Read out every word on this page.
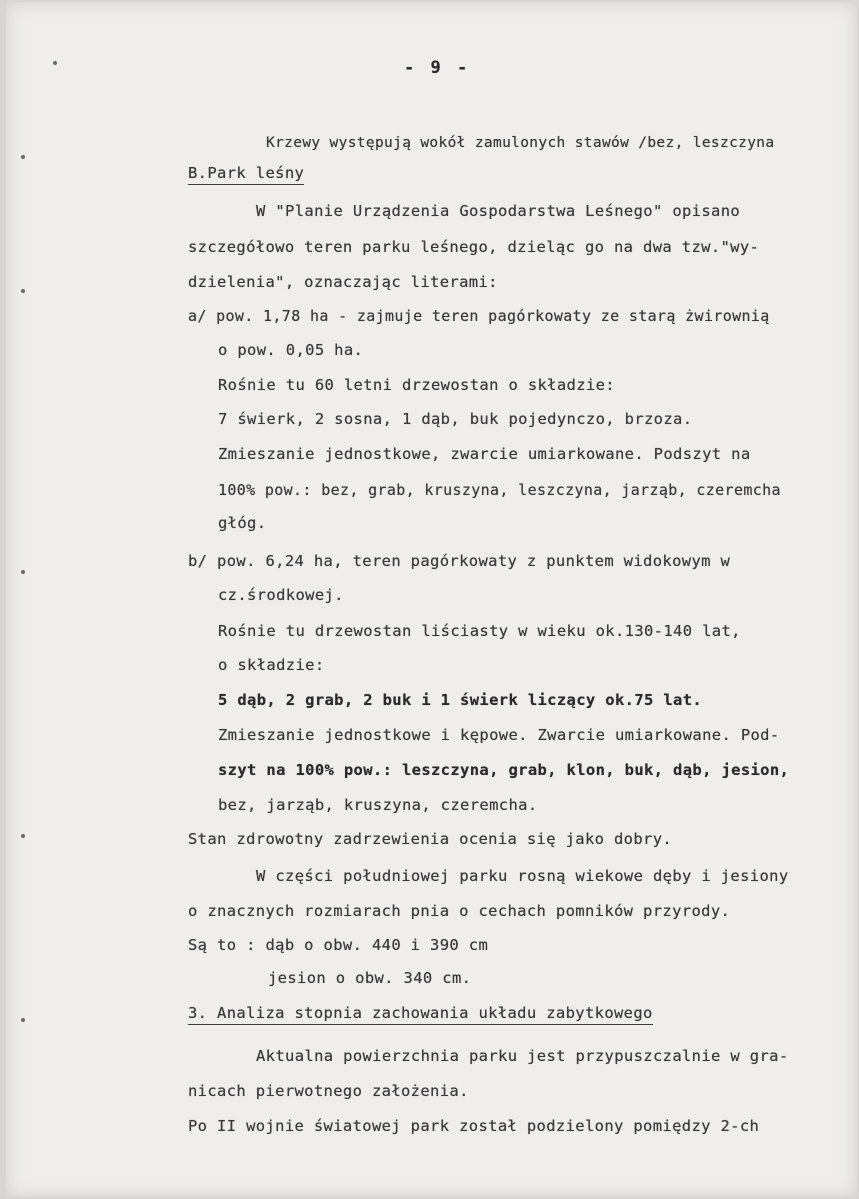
- 9 -
Krzewy występują wokół zamulonych stawów /bez, leszczyna
B.Park leśny
W "Planie Urządzenia Gospodarstwa Leśnego" opisano
szczegółowo teren parku leśnego, dzieląc go na dwa tzw."wy-
dzielenia", oznaczając literami:
a/ pow. 1,78 ha - zajmuje teren pagórkowaty ze starą żwirownią
o pow. 0,05 ha.
Rośnie tu 60 letni drzewostan o składzie:
7 świerk, 2 sosna, 1 dąb, buk pojedynczo, brzoza.
Zmieszanie jednostkowe, zwarcie umiarkowane. Podszyt na
100% pow.: bez, grab, kruszyna, leszczyna, jarząb, czeremcha
głóg.
b/ pow. 6,24 ha, teren pagórkowaty z punktem widokowym w
cz.środkowej.
Rośnie tu drzewostan liściasty w wieku ok.130-140 lat,
o składzie:
5 dąb, 2 grab, 2 buk i 1 świerk liczący ok.75 lat.
Zmieszanie jednostkowe i kępowe. Zwarcie umiarkowane. Pod-
szyt na 100% pow.: leszczyna, grab, klon, buk, dąb, jesion,
bez, jarząb, kruszyna, czeremcha.
Stan zdrowotny zadrzewienia ocenia się jako dobry.
W części południowej parku rosną wiekowe dęby i jesiony
o znacznych rozmiarach pnia o cechach pomników przyrody.
Są to : dąb o obw. 440 i 390 cm
jesion o obw. 340 cm.
3. Analiza stopnia zachowania układu zabytkowego
Aktualna powierzchnia parku jest przypuszczalnie w gra-
nicach pierwotnego założenia.
Po II wojnie światowej park został podzielony pomiędzy 2-ch
